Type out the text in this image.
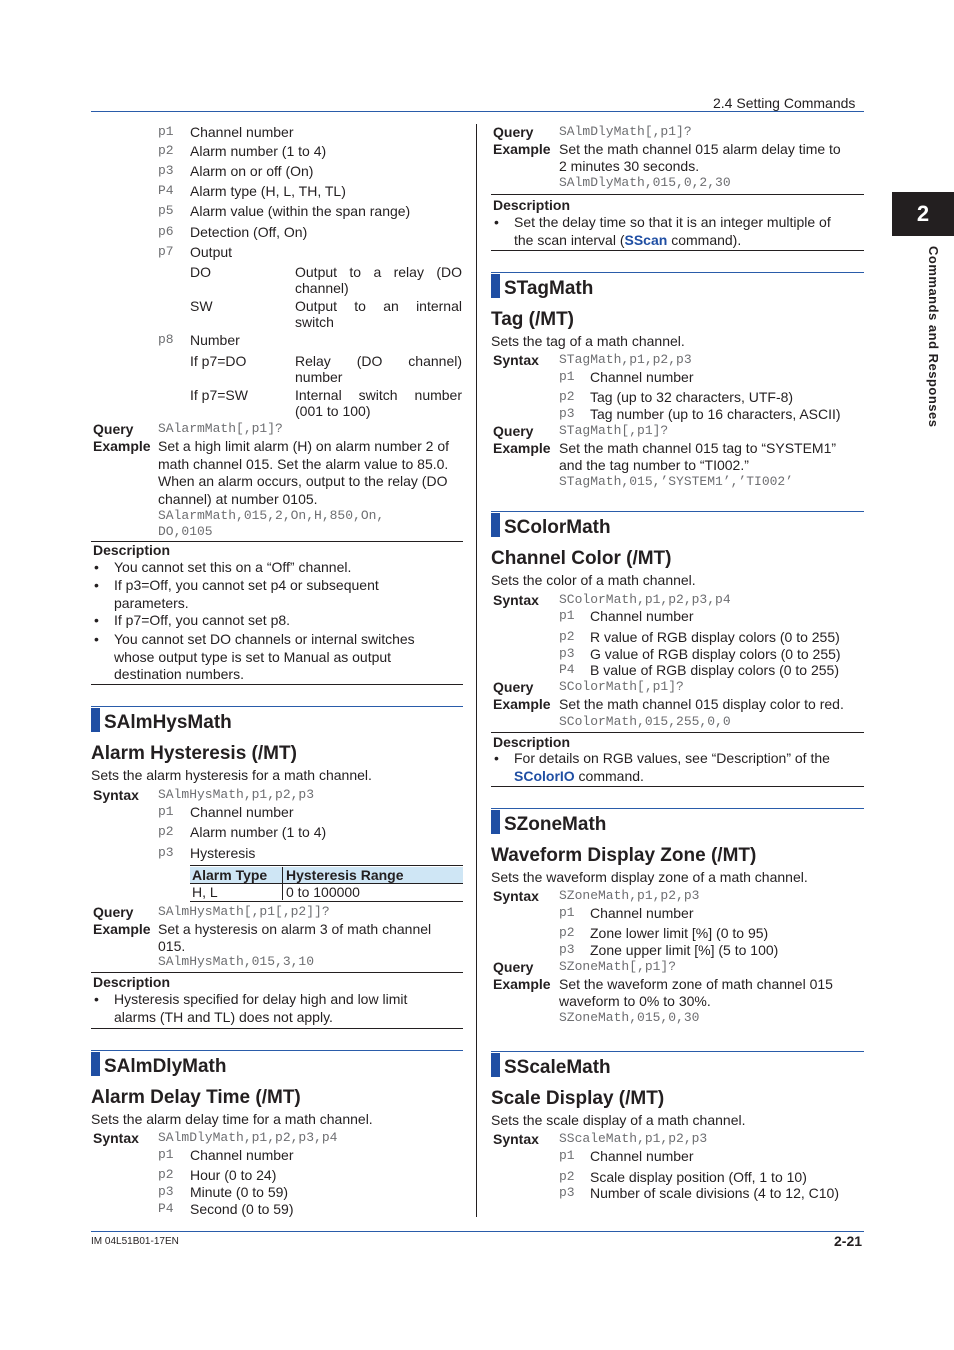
2.4 Setting Commands
2
Commands and Responses
p1 Channel number
p2 Alarm number (1 to 4)
p3 Alarm on or off (On)
P4 Alarm type (H, L, TH, TL)
p5 Alarm value (within the span range)
p6 Detection (Off, On)
p7 Output
DO	Output to a relay (DO
channel)
SW	Output to an internal
switch
p8 Number
If p7=DO	Relay (DO channel)
number
If p7=SW	Internal switch number
(001 to 100)
Query SAlarmMath[,p1]?
Example Set a high limit alarm (H) on alarm number 2 of
math channel 015. Set the alarm value to 85.0.
When an alarm occurs, output to the relay (DO
channel) at number 0105.
SAlarmMath,015,2,On,H,850,On,
DO,0105
Description
• You cannot set this on a “Off” channel.
• If p3=Off, you cannot set p4 or subsequent
parameters.
• If p7=Off, you cannot set p8.
• You cannot set DO channels or internal switches
whose output type is set to Manual as output
destination numbers.
SAlmHysMath
Alarm Hysteresis (/MT)
Sets the alarm hysteresis for a math channel.
Syntax SAlmHysMath,p1,p2,p3
p1 Channel number
p2 Alarm number (1 to 4)
p3 Hysteresis
Alarm Type Hysteresis Range
H, L	0 to 100000
Query SAlmHysMath[,p1[,p2]]?
Example Set a hysteresis on alarm 3 of math channel
015.
SAlmHysMath,015,3,10
Description
• Hysteresis specified for delay high and low limit
alarms (TH and TL) does not apply.
SAlmDlyMath
Alarm Delay Time (/MT)
Sets the alarm delay time for a math channel.
Syntax SAlmDlyMath,p1,p2,p3,p4
p1 Channel number
p2 Hour (0 to 24)
p3 Minute (0 to 59)
P4 Second (0 to 59)
Query SAlmDlyMath[,p1]?
Example Set the math channel 015 alarm delay time to
2 minutes 30 seconds.
SAlmDlyMath,015,0,2,30
Description
• Set the delay time so that it is an integer multiple of
the scan interval (SScan command).
STagMath
Tag (/MT)
Sets the tag of a math channel.
Syntax STagMath,p1,p2,p3
p1 Channel number
p2 Tag (up to 32 characters, UTF-8)
p3 Tag number (up to 16 characters, ASCII)
Query STagMath[,p1]?
Example Set the math channel 015 tag to “SYSTEM1”
and the tag number to “TI002.”
STagMath,015,’SYSTEM1’,’TI002’
SColorMath
Channel Color (/MT)
Sets the color of a math channel.
Syntax SColorMath,p1,p2,p3,p4
p1 Channel number
p2 R value of RGB display colors (0 to 255)
p3 G value of RGB display colors (0 to 255)
P4 B value of RGB display colors (0 to 255)
Query SColorMath[,p1]?
Example Set the math channel 015 display color to red.
SColorMath,015,255,0,0
Description
• For details on RGB values, see “Description” of the
SColorIO command.
SZoneMath
Waveform Display Zone (/MT)
Sets the waveform display zone of a math channel.
Syntax SZoneMath,p1,p2,p3
p1 Channel number
p2 Zone lower limit [%] (0 to 95)
p3 Zone upper limit [%] (5 to 100)
Query SZoneMath[,p1]?
Example Set the waveform zone of math channel 015
waveform to 0% to 30%.
SZoneMath,015,0,30
SScaleMath
Scale Display (/MT)
Sets the scale display of a math channel.
Syntax SScaleMath,p1,p2,p3
p1 Channel number
p2 Scale display position (Off, 1 to 10)
p3 Number of scale divisions (4 to 12, C10)
IM 04L51B01-17EN	2-21
